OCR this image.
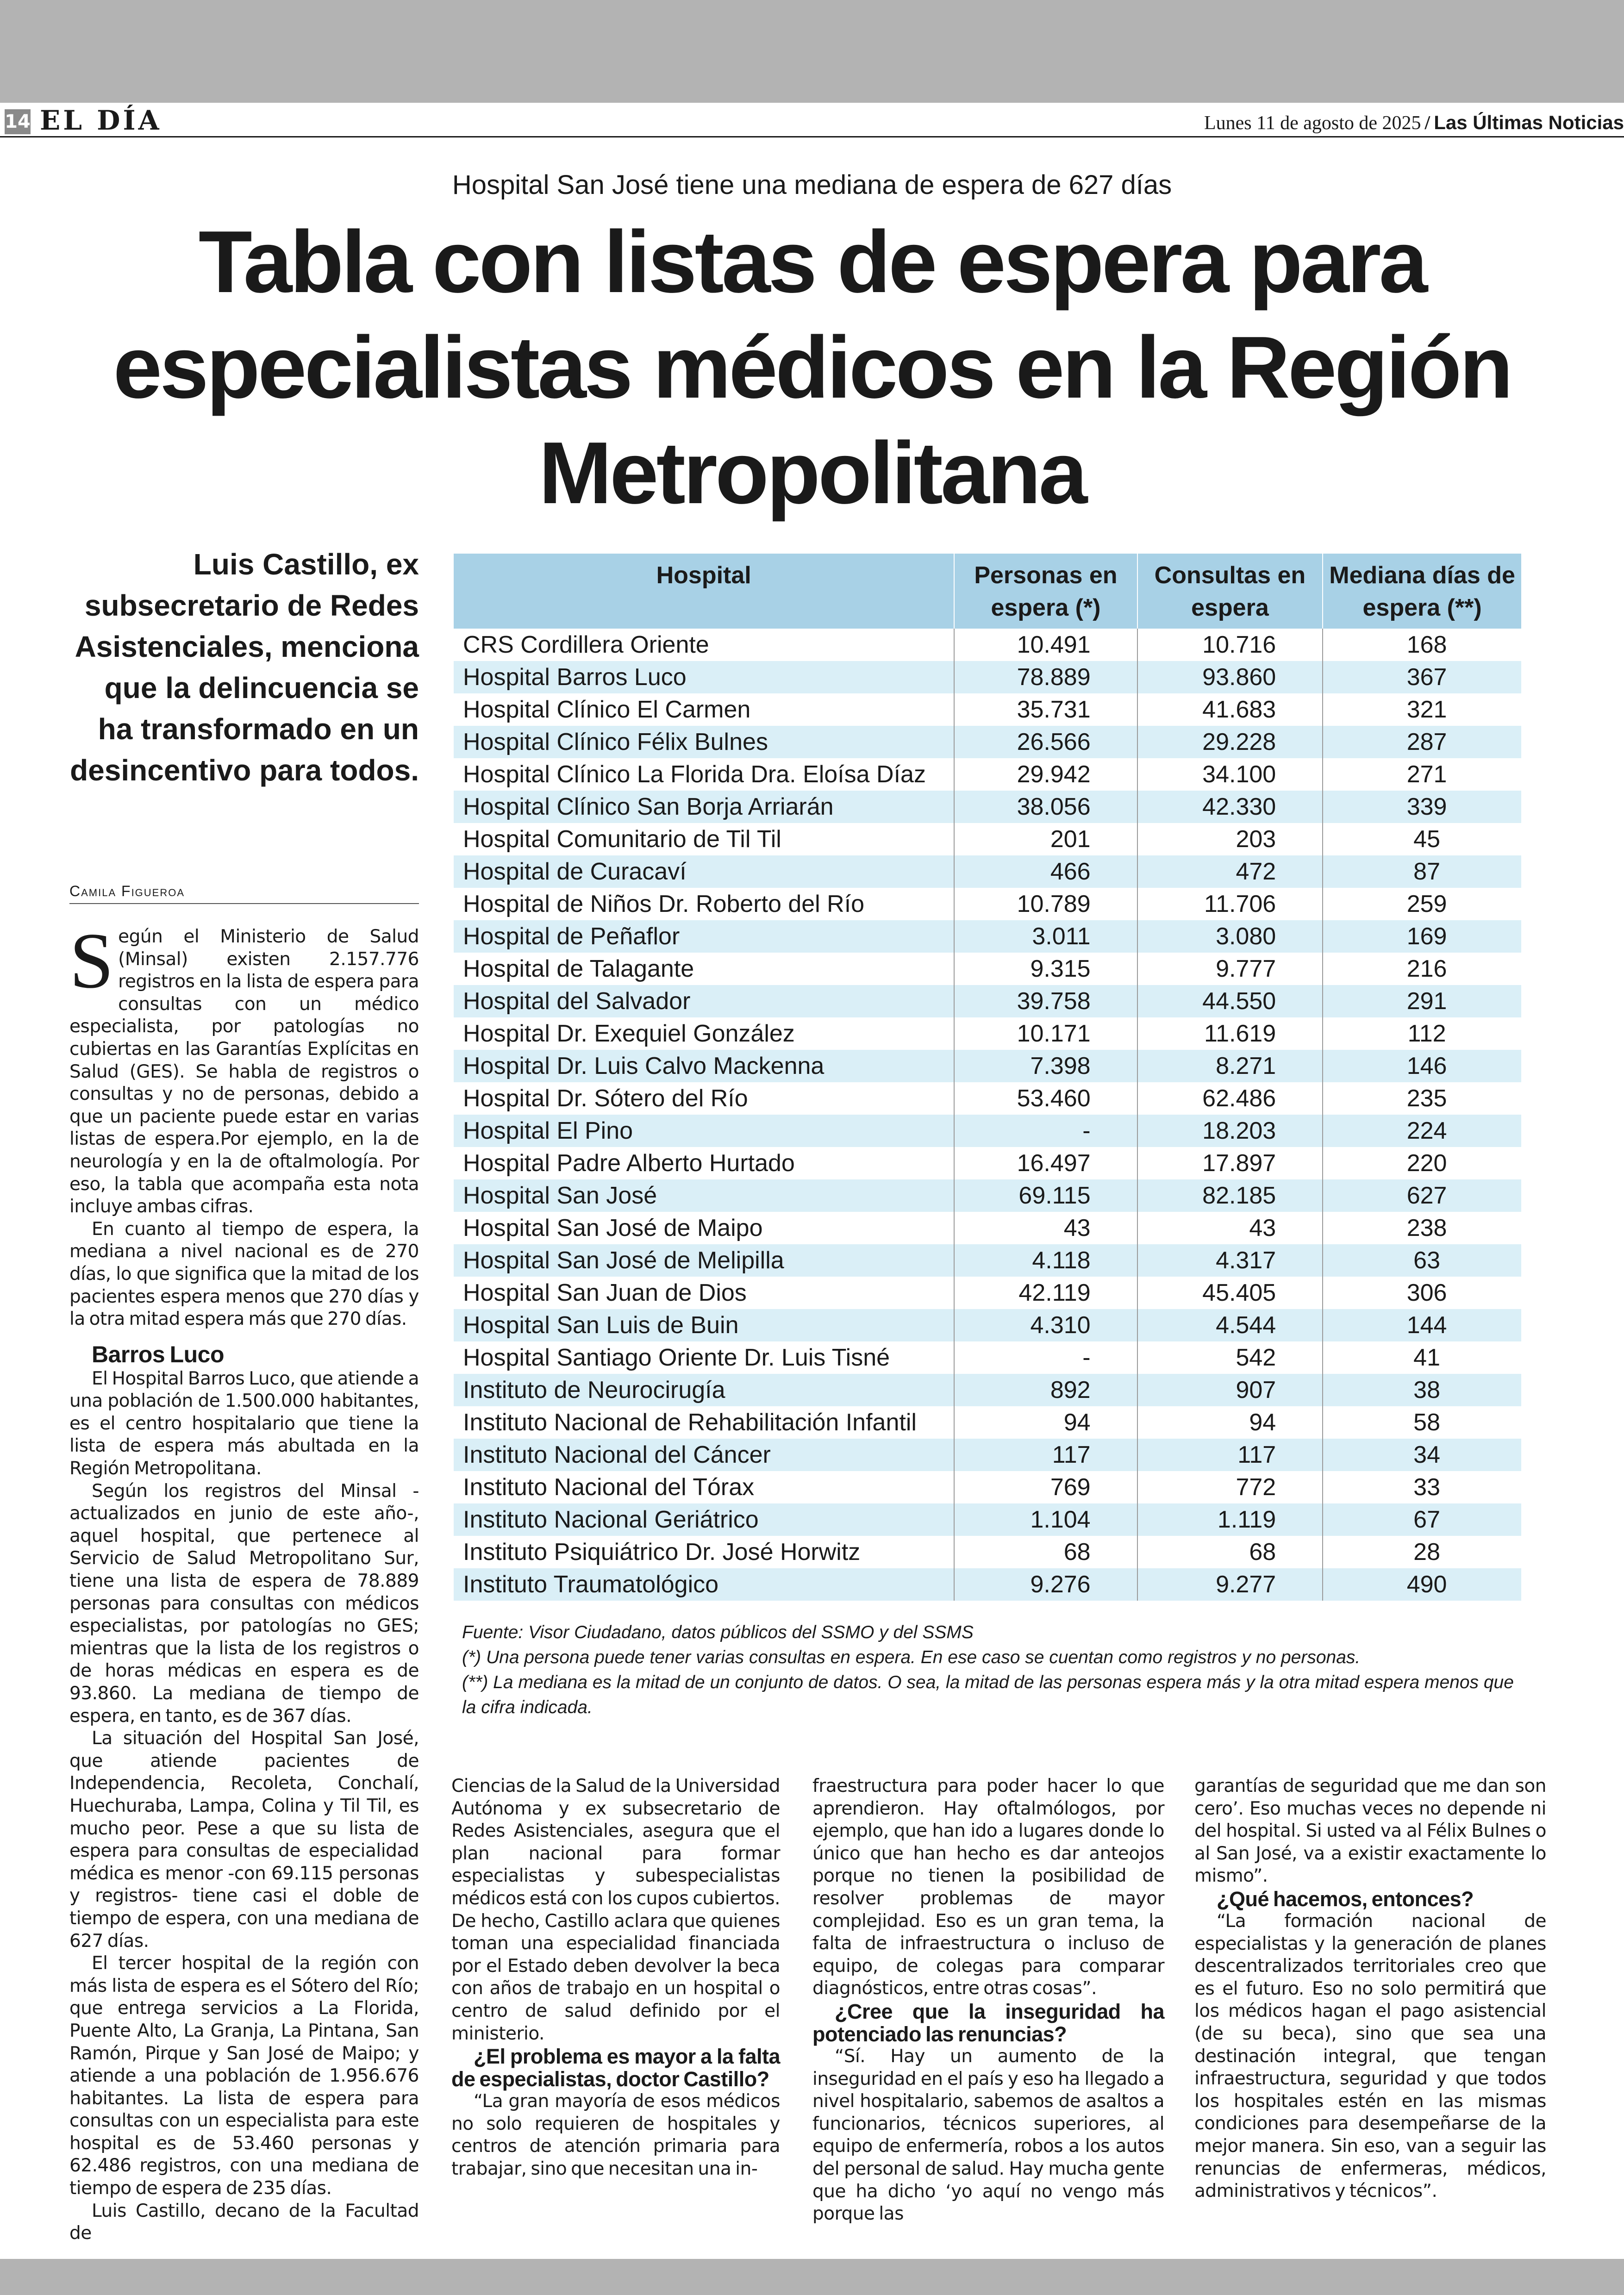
14 EL DÍA	Lunes 11 de agosto de 2025 / Las Últimas Noticias
Hospital San José tiene una mediana de espera de 627 días
Tabla con listas de espera para especialistas médicos en la Región Metropolitana
Luis Castillo, ex subsecretario de Redes Asistenciales, menciona que la delincuencia se ha transformado en un desincentivo para todos.
Camila Figueroa

Según el Ministerio de Salud (Minsal) existen 2.157.776 registros en la lista de espera para consultas con un médico especialista, por patologías no cubiertas en las Garantías Explícitas en Salud (GES). Se habla de registros o consultas y no de personas, debido a que un paciente puede estar en varias listas de espera.Por ejemplo, en la de neurología y en la de oftalmología. Por eso, la tabla que acompaña esta nota incluye ambas cifras.

En cuanto al tiempo de espera, la mediana a nivel nacional es de 270 días, lo que significa que la mitad de los pacientes espera menos que 270 días y la otra mitad espera más que 270 días.

Barros Luco

El Hospital Barros Luco, que atiende a una población de 1.500.000 habitantes, es el centro hospitalario que tiene la lista de espera más abultada en la Región Metropolitana.

Según los registros del Minsal -actualizados en junio de este año-, aquel hospital, que pertenece al Servicio de Salud Metropolitano Sur, tiene una lista de espera de 78.889 personas para consultas con médicos especialistas, por patologías no GES; mientras que la lista de los registros o de horas médicas en espera es de 93.860. La mediana de tiempo de espera, en tanto, es de 367 días.

La situación del Hospital San José, que atiende pacientes de Independencia, Recoleta, Conchalí, Huechuraba, Lampa, Colina y Til Til, es mucho peor. Pese a que su lista de espera para consultas de especialidad médica es menor -con 69.115 personas y registros- tiene casi el doble de tiempo de espera, con una mediana de 627 días.

El tercer hospital de la región con más lista de espera es el Sótero del Río; que entrega servicios a La Florida, Puente Alto, La Granja, La Pintana, San Ramón, Pirque y San José de Maipo; y atiende a una población de 1.956.676 habitantes. La lista de espera para consultas con un especialista para este hospital es de 53.460 personas y 62.486 registros, con una mediana de tiempo de espera de 235 días.

Luis Castillo, decano de la Facultad de

Hospital	Personas en espera (*)	Consultas en espera	Mediana días de espera (**)
CRS Cordillera Oriente	10.491	10.716	168
Hospital Barros Luco	78.889	93.860	367
Hospital Clínico El Carmen	35.731	41.683	321
Hospital Clínico Félix Bulnes	26.566	29.228	287
Hospital Clínico La Florida Dra. Eloísa Díaz	29.942	34.100	271
Hospital Clínico San Borja Arriarán	38.056	42.330	339
Hospital Comunitario de Til Til	201	203	45
Hospital de Curacaví	466	472	87
Hospital de Niños Dr. Roberto del Río	10.789	11.706	259
Hospital de Peñaflor	3.011	3.080	169
Hospital de Talagante	9.315	9.777	216
Hospital del Salvador	39.758	44.550	291
Hospital Dr. Exequiel González	10.171	11.619	112
Hospital Dr. Luis Calvo Mackenna	7.398	8.271	146
Hospital Dr. Sótero del Río	53.460	62.486	235
Hospital El Pino	-	18.203	224
Hospital Padre Alberto Hurtado	16.497	17.897	220
Hospital San José	69.115	82.185	627
Hospital San José de Maipo	43	43	238
Hospital San José de Melipilla	4.118	4.317	63
Hospital San Juan de Dios	42.119	45.405	306
Hospital San Luis de Buin	4.310	4.544	144
Hospital Santiago Oriente Dr. Luis Tisné	-	542	41
Instituto de Neurocirugía	892	907	38
Instituto Nacional de Rehabilitación Infantil	94	94	58
Instituto Nacional del Cáncer	117	117	34
Instituto Nacional del Tórax	769	772	33
Instituto Nacional Geriátrico	1.104	1.119	67
Instituto Psiquiátrico Dr. José Horwitz	68	68	28
Instituto Traumatológico	9.276	9.277	490

Fuente: Visor Ciudadano, datos públicos del SSMO y del SSMS

(*) Una persona puede tener varias consultas en espera. En ese caso se cuentan como registros y no personas.

(**) La mediana es la mitad de un conjunto de datos. O sea, la mitad de las personas espera más y la otra mitad espera menos que la cifra indicada.

Ciencias de la Salud de la Universidad Autónoma y ex subsecretario de Redes Asistenciales, asegura que el plan nacional para formar especialistas y subespecialistas médicos está con los cupos cubiertos. De hecho, Castillo aclara que quienes toman una especialidad financiada por el Estado deben devolver la beca con años de trabajo en un hospital o centro de salud definido por el ministerio.

¿El problema es mayor a la falta de especialistas, doctor Castillo?

“La gran mayoría de esos médicos no solo requieren de hospitales y centros de atención primaria para trabajar, sino que necesitan una in-

fraestructura para poder hacer lo que aprendieron. Hay oftalmólogos, por ejemplo, que han ido a lugares donde lo único que han hecho es dar anteojos porque no tienen la posibilidad de resolver problemas de mayor complejidad. Eso es un gran tema, la falta de infraestructura o incluso de equipo, de colegas para comparar diagnósticos, entre otras cosas”.

¿Cree que la inseguridad ha potenciado las renuncias?

“Sí. Hay un aumento de la inseguridad en el país y eso ha llegado a nivel hospitalario, sabemos de asaltos a funcionarios, técnicos superiores, al equipo de enfermería, robos a los autos del personal de salud. Hay mucha gente que ha dicho ‘yo aquí no vengo más porque las

garantías de seguridad que me dan son cero’. Eso muchas veces no depende ni del hospital. Si usted va al Félix Bulnes o al San José, va a existir exactamente lo mismo”.

¿Qué hacemos, entonces?

“La formación nacional de especialistas y la generación de planes descentralizados territoriales creo que es el futuro. Eso no solo permitirá que los médicos hagan el pago asistencial (de su beca), sino que sea una destinación integral, que tengan infraestructura, seguridad y que todos los hospitales estén en las mismas condiciones para desempeñarse de la mejor manera. Sin eso, van a seguir las renuncias de enfermeras, médicos, administrativos y técnicos”.
